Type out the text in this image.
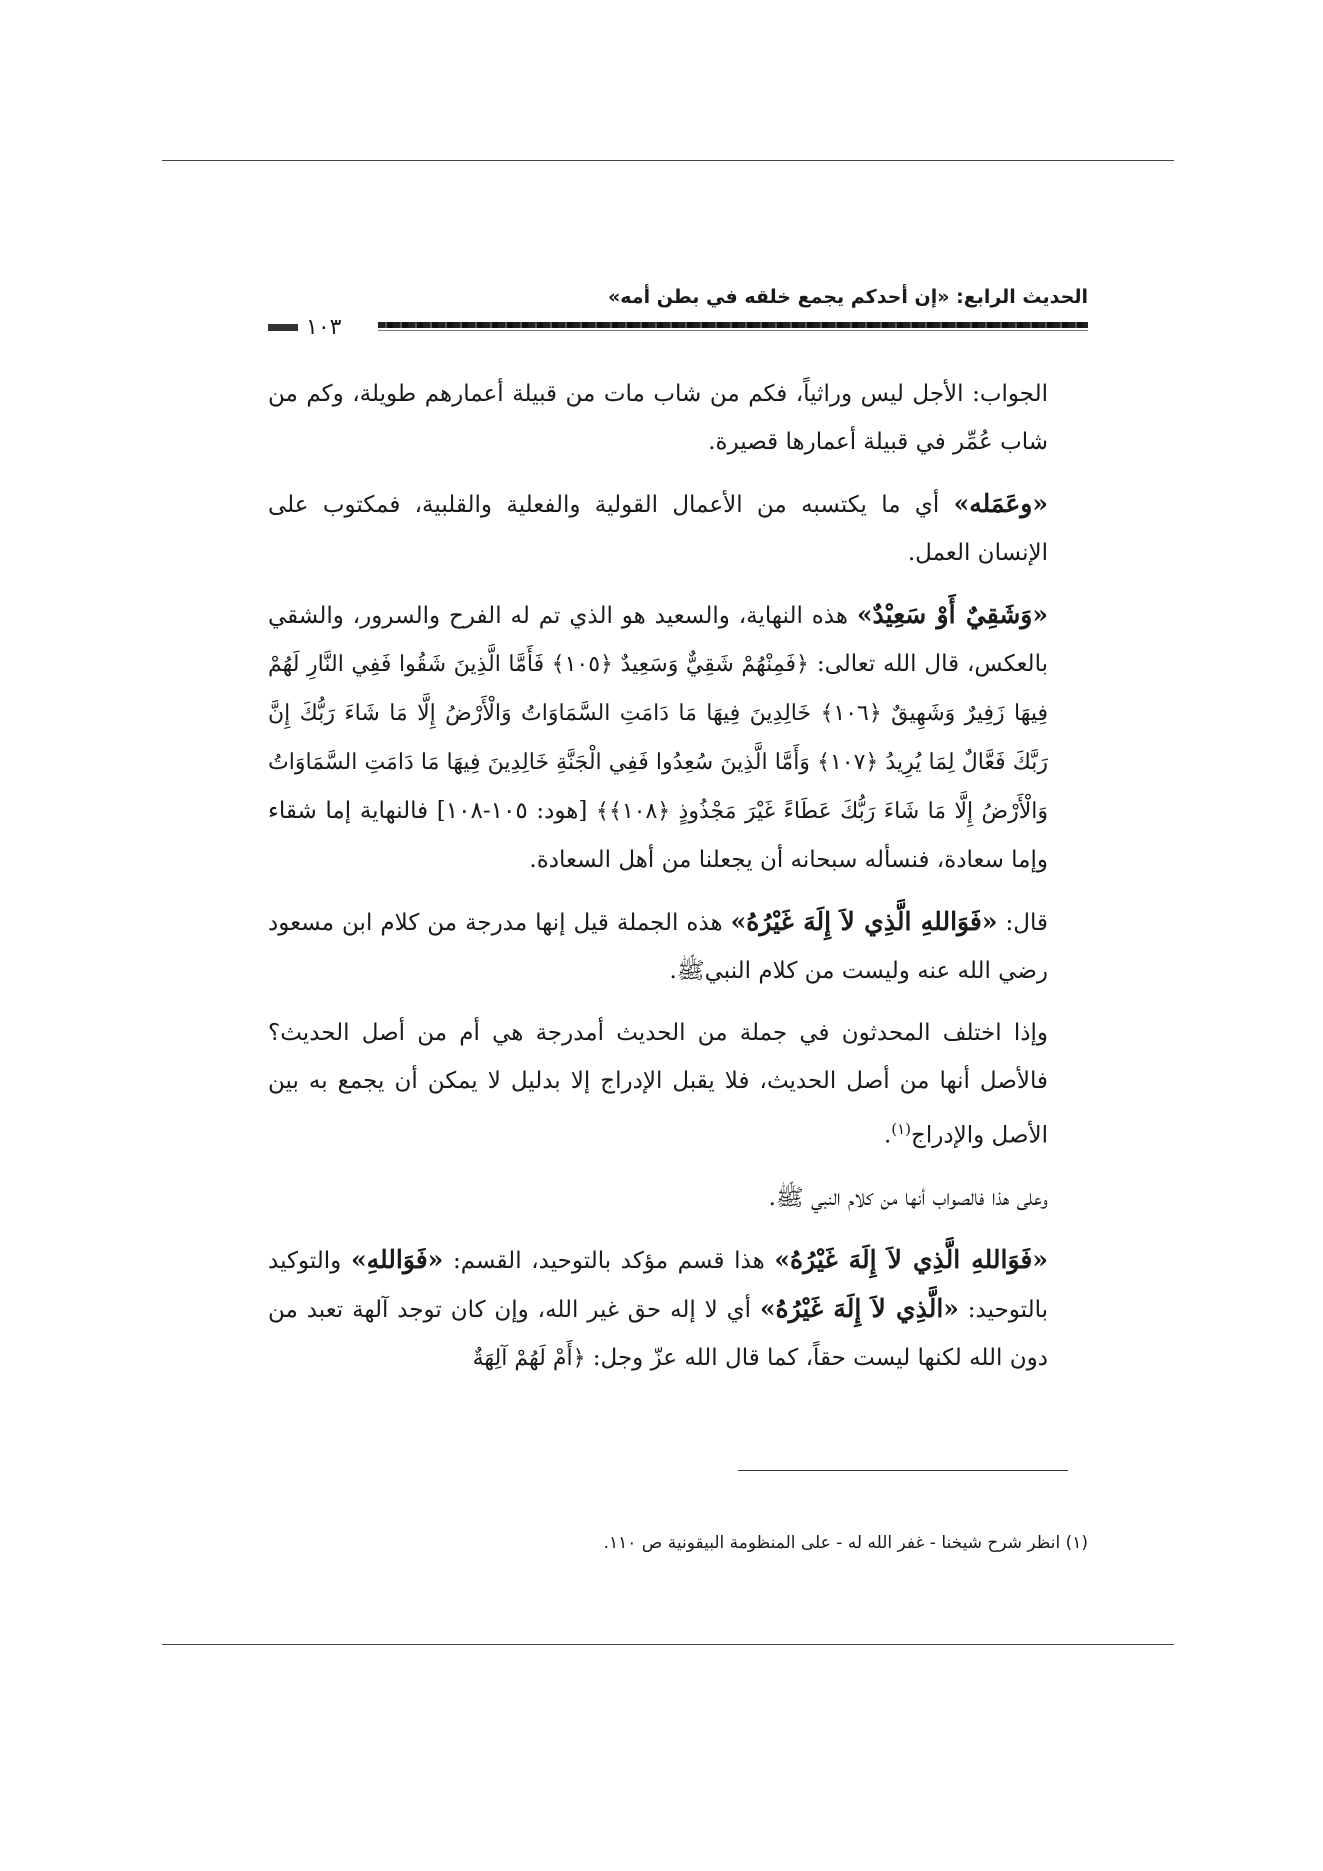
الحديث الرابع: «إن أحدكم يجمع خلقه في بطن أمه»
١٠٣

الجواب: الأجل ليس وراثياً، فكم من شاب مات من قبيلة أعمارهم طويلة، وكم من شاب عُمِّر في قبيلة أعمارها قصيرة.

«وعَمَله» أي ما يكتسبه من الأعمال القولية والفعلية والقلبية، فمكتوب على الإنسان العمل.

«وَشَقِيٌ أَوْ سَعِيْدٌ» هذه النهاية، والسعيد هو الذي تم له الفرح والسرور، والشقي بالعكس، قال الله تعالى: ﴿فَمِنْهُمْ شَقِيٌّ وَسَعِيدٌ ﴿١٠٥﴾ فَأَمَّا الَّذِينَ شَقُوا فَفِي النَّارِ لَهُمْ فِيهَا زَفِيرٌ وَشَهِيقٌ ﴿١٠٦﴾ خَالِدِينَ فِيهَا مَا دَامَتِ السَّمَاوَاتُ وَالْأَرْضُ إِلَّا مَا شَاءَ رَبُّكَ إِنَّ رَبَّكَ فَعَّالٌ لِمَا يُرِيدُ ﴿١٠٧﴾ وَأَمَّا الَّذِينَ سُعِدُوا فَفِي الْجَنَّةِ خَالِدِينَ فِيهَا مَا دَامَتِ السَّمَاوَاتُ وَالْأَرْضُ إِلَّا مَا شَاءَ رَبُّكَ عَطَاءً غَيْرَ مَجْذُوذٍ ﴿١٠٨﴾﴾ [هود: ١٠٥-١٠٨] فالنهاية إما شقاء وإما سعادة، فنسأله سبحانه أن يجعلنا من أهل السعادة.

قال: «فَوَاللهِ الَّذِي لاَ إِلَهَ غَيْرُهُ» هذه الجملة قيل إنها مدرجة من كلام ابن مسعود رضي الله عنه وليست من كلام النبيﷺ.

وإذا اختلف المحدثون في جملة من الحديث أمدرجة هي أم من أصل الحديث؟ فالأصل أنها من أصل الحديث، فلا يقبل الإدراج إلا بدليل لا يمكن أن يجمع به بين الأصل والإدراج$^{(١)}$.

وعلى هذا فالصواب أنها من كلام النبي ﷺ.

«فَوَاللهِ الَّذِي لاَ إِلَهَ غَيْرُهُ» هذا قسم مؤكد بالتوحيد، القسم: «فَوَاللهِ» والتوكيد بالتوحيد: «الَّذِي لاَ إِلَهَ غَيْرُهُ» أي لا إله حق غير الله، وإن كان توجد آلهة تعبد من دون الله لكنها ليست حقاً، كما قال الله عزّ وجل: ﴿أَمْ لَهُمْ آلِهَةٌ

(١) انظر شرح شيخنا - غفر الله له - على المنظومة البيقونية ص ١١٠.
